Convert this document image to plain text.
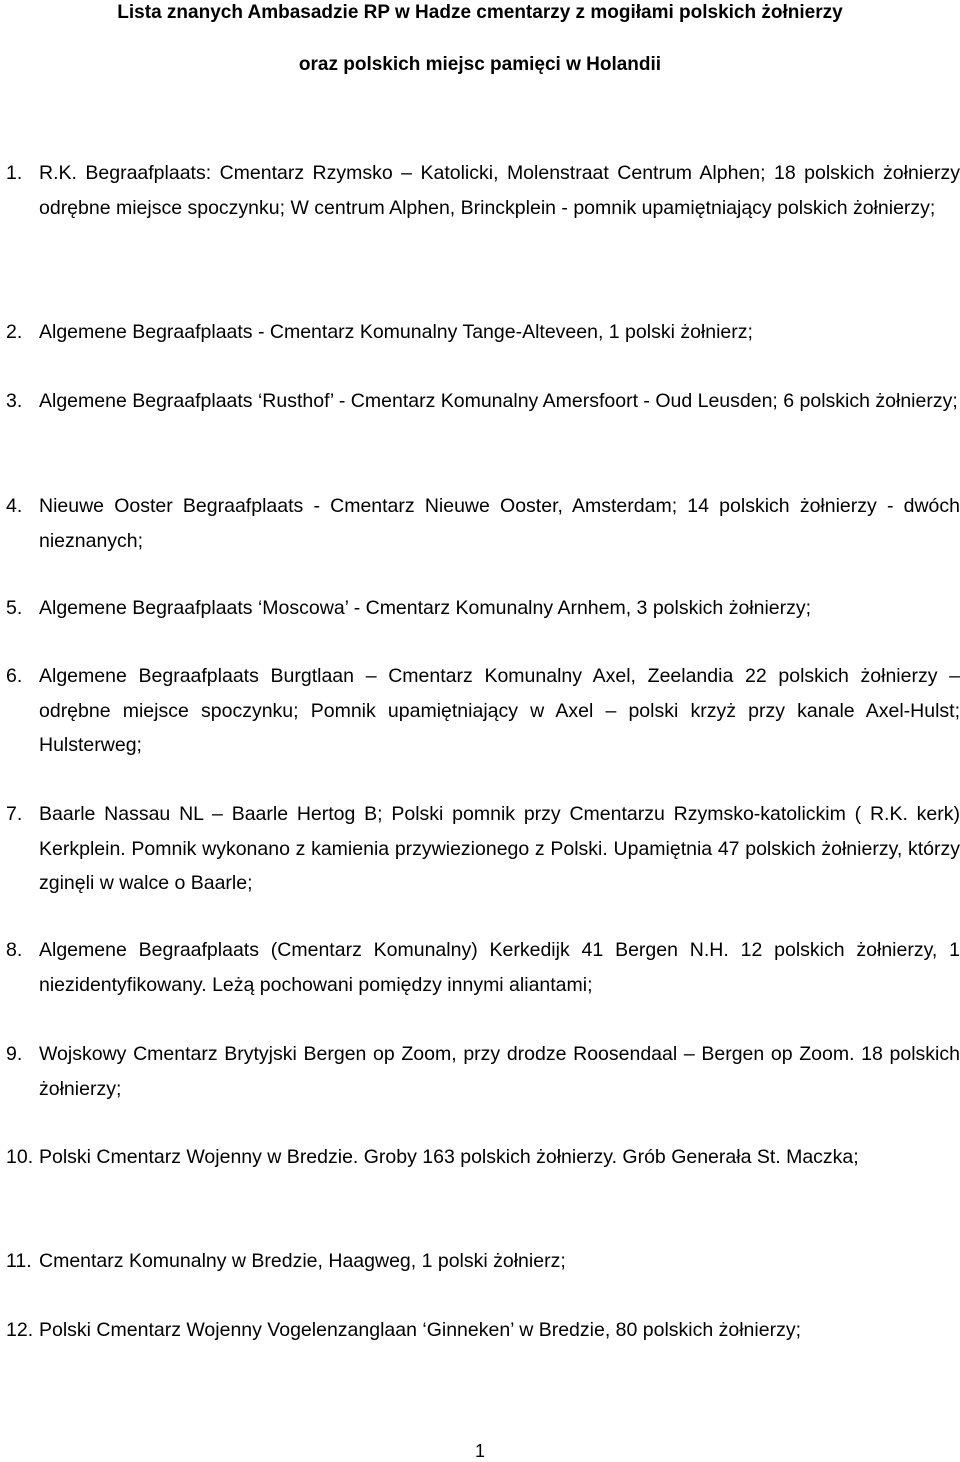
Lista znanych Ambasadzie RP w Hadze cmentarzy z mogiłami polskich żołnierzy
oraz polskich miejsc pamięci w Holandii
1. R.K. Begraafplaats: Cmentarz Rzymsko – Katolicki, Molenstraat Centrum Alphen; 18 polskich żołnierzy odrębne miejsce spoczynku; W centrum Alphen, Brinckplein - pomnik upamiętniający polskich żołnierzy;
2. Algemene Begraafplaats - Cmentarz Komunalny Tange-Alteveen, 1 polski żołnierz;
3. Algemene Begraafplaats ‘Rusthof’ - Cmentarz Komunalny Amersfoort - Oud Leusden; 6 polskich żołnierzy;
4. Nieuwe Ooster Begraafplaats - Cmentarz Nieuwe Ooster, Amsterdam; 14 polskich żołnierzy - dwóch nieznanych;
5. Algemene Begraafplaats ‘Moscowa’ - Cmentarz Komunalny Arnhem, 3 polskich żołnierzy;
6. Algemene Begraafplaats Burgtlaan – Cmentarz Komunalny Axel, Zeelandia 22 polskich żołnierzy – odrębne miejsce spoczynku; Pomnik upamiętniający w Axel – polski krzyż przy kanale Axel-Hulst; Hulsterweg;
7. Baarle Nassau NL – Baarle Hertog B; Polski pomnik przy Cmentarzu Rzymsko-katolickim ( R.K. kerk) Kerkplein. Pomnik wykonano z kamienia przywiezionego z Polski. Upamiętnia 47 polskich żołnierzy, którzy zginęli w walce o Baarle;
8. Algemene Begraafplaats (Cmentarz Komunalny) Kerkedijk 41 Bergen N.H. 12 polskich żołnierzy, 1 niezidentyfikowany. Leżą pochowani pomiędzy innymi aliantami;
9. Wojskowy Cmentarz Brytyjski Bergen op Zoom, przy drodze Roosendaal – Bergen op Zoom. 18 polskich żołnierzy;
10. Polski Cmentarz Wojenny w Bredzie. Groby 163 polskich żołnierzy. Grób Generała St. Maczka;
11. Cmentarz Komunalny w Bredzie, Haagweg, 1 polski żołnierz;
12. Polski Cmentarz Wojenny Vogelenzanglaan ‘Ginneken’ w Bredzie, 80 polskich żołnierzy;
1
